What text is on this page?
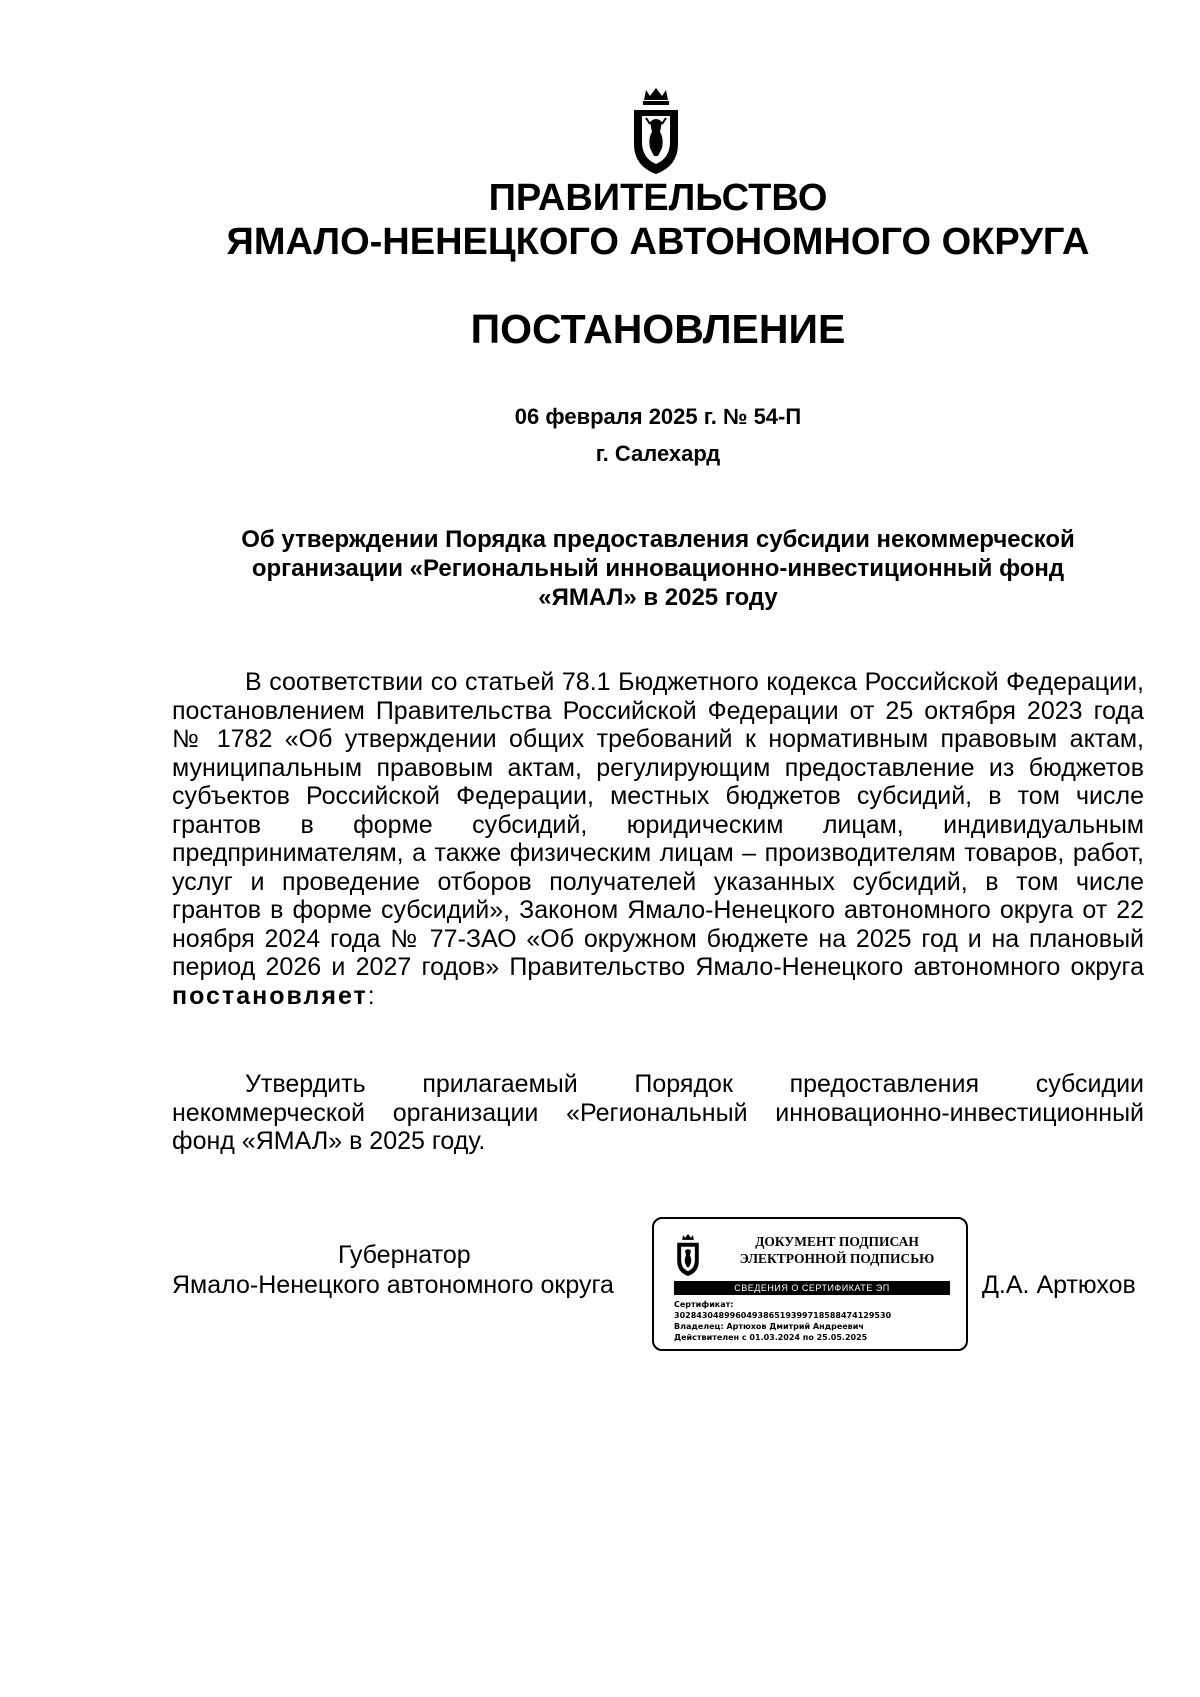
ПРАВИТЕЛЬСТВО
ЯМАЛО-НЕНЕЦКОГО АВТОНОМНОГО ОКРУГА
ПОСТАНОВЛЕНИЕ
06 февраля 2025 г. № 54-П
г. Салехард
Об утверждении Порядка предоставления субсидии некоммерческой организации «Региональный инновационно-инвестиционный фонд «ЯМАЛ» в 2025 году
В соответствии со статьей 78.1 Бюджетного кодекса Российской Федерации, постановлением Правительства Российской Федерации от 25 октября 2023 года № 1782 «Об утверждении общих требований к нормативным правовым актам, муниципальным правовым актам, регулирующим предоставление из бюджетов субъектов Российской Федерации, местных бюджетов субсидий, в том числе грантов в форме субсидий, юридическим лицам, индивидуальным предпринимателям, а также физическим лицам – производителям товаров, работ, услуг и проведение отборов получателей указанных субсидий, в том числе грантов в форме субсидий», Законом Ямало-Ненецкого автономного округа от 22 ноября 2024 года № 77-ЗАО «Об окружном бюджете на 2025 год и на плановый период 2026 и 2027 годов» Правительство Ямало-Ненецкого автономного округа постановляет:
Утвердить прилагаемый Порядок предоставления субсидии некоммерческой организации «Региональный инновационно-инвестиционный фонд «ЯМАЛ» в 2025 году.
Губернатор
Ямало-Ненецкого автономного округа
ДОКУМЕНТ ПОДПИСАН
ЭЛЕКТРОННОЙ ПОДПИСЬЮ
СВЕДЕНИЯ О СЕРТИФИКАТЕ ЭП
Сертификат:
302843048996049386519399718588474129530
Владелец: Артюхов Дмитрий Андреевич
Действителен с 01.03.2024 по 25.05.2025
Д.А. Артюхов
